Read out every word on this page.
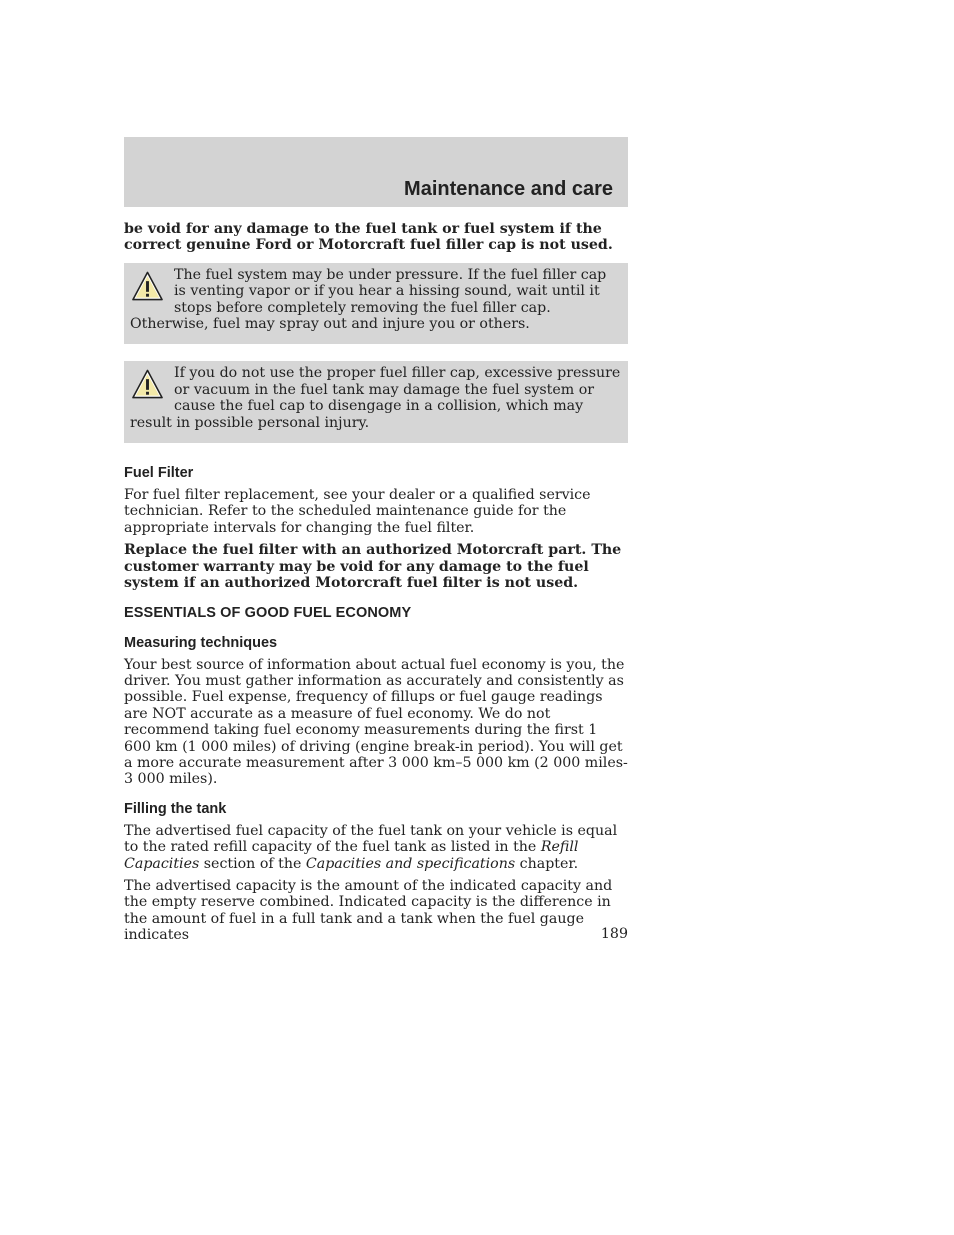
Maintenance and care

be void for any damage to the fuel tank or fuel system if the correct genuine Ford or Motorcraft fuel filler cap is not used.

The fuel system may be under pressure. If the fuel filler cap is venting vapor or if you hear a hissing sound, wait until it stops before completely removing the fuel filler cap. Otherwise, fuel may spray out and injure you or others.

If you do not use the proper fuel filler cap, excessive pressure or vacuum in the fuel tank may damage the fuel system or cause the fuel cap to disengage in a collision, which may result in possible personal injury.

Fuel Filter

For fuel filter replacement, see your dealer or a qualified service technician. Refer to the scheduled maintenance guide for the appropriate intervals for changing the fuel filter.

Replace the fuel filter with an authorized Motorcraft part. The customer warranty may be void for any damage to the fuel system if an authorized Motorcraft fuel filter is not used.

ESSENTIALS OF GOOD FUEL ECONOMY
Measuring techniques

Your best source of information about actual fuel economy is you, the driver. You must gather information as accurately and consistently as possible. Fuel expense, frequency of fillups or fuel gauge readings are NOT accurate as a measure of fuel economy. We do not recommend taking fuel economy measurements during the first 1 600 km (1 000 miles) of driving (engine break-in period). You will get a more accurate measurement after 3 000 km–5 000 km (2 000 miles-3 000 miles).

Filling the tank

The advertised fuel capacity of the fuel tank on your vehicle is equal to the rated refill capacity of the fuel tank as listed in the Refill Capacities section of the Capacities and specifications chapter.

The advertised capacity is the amount of the indicated capacity and the empty reserve combined. Indicated capacity is the difference in the amount of fuel in a full tank and a tank when the fuel gauge indicates	189
